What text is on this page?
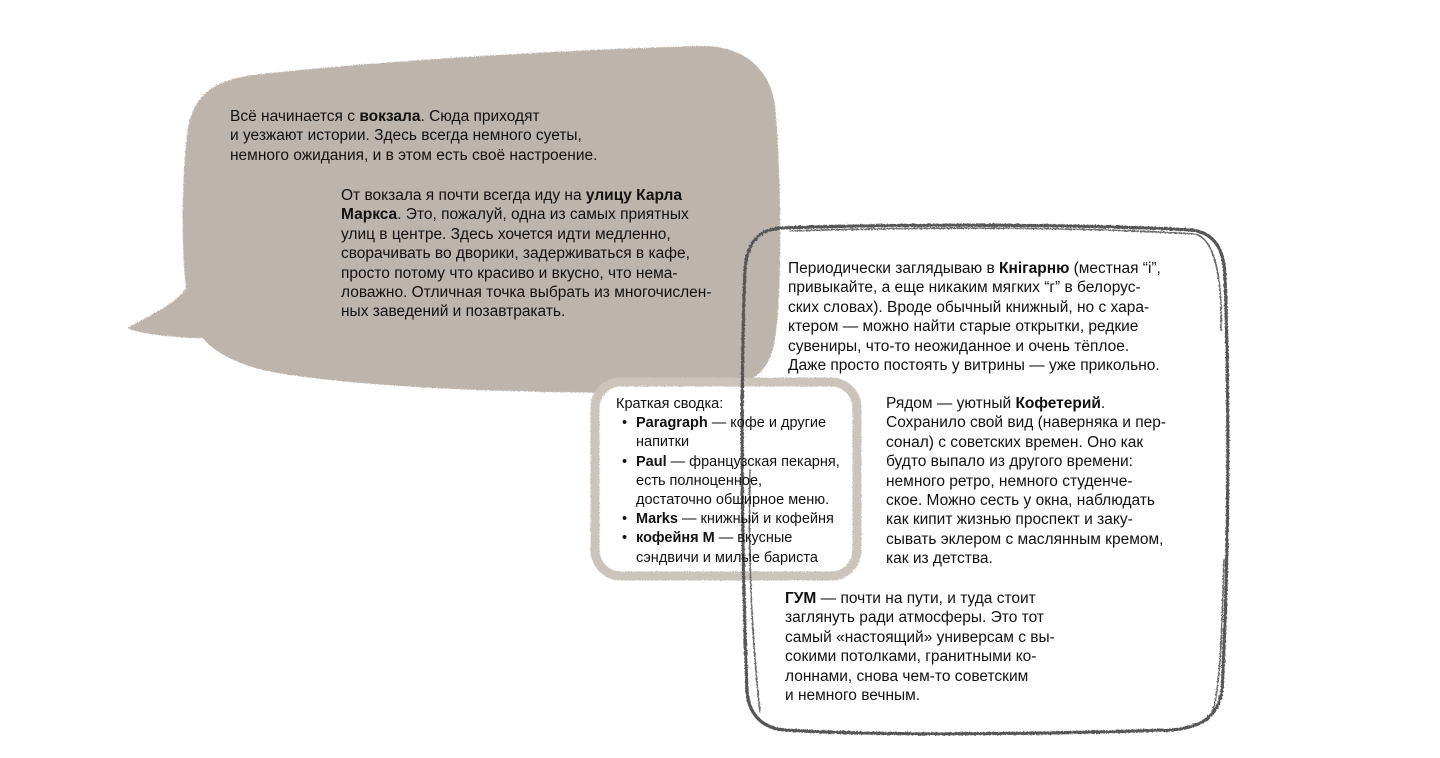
Всё начинается с вокзала. Сюда приходят
и уезжают истории. Здесь всегда немного суеты,
немного ожидания, и в этом есть своё настроение.
От вокзала я почти всегда иду на улицу Карла
Маркса. Это, пожалуй, одна из самых приятных
улиц в центре. Здесь хочется идти медленно,
сворачивать во дворики, задерживаться в кафе,
просто потому что красиво и вкусно, что нема-
ловажно. Отличная точка выбрать из многочислен-
ных заведений и позавтракать.
Периодически заглядываю в Кнiгарню (местная “i”,
привыкайте, а еще никаким мягких “г” в белорус-
ских словах). Вроде обычный книжный, но с хара-
ктером — можно найти старые открытки, редкие
сувениры, что-то неожиданное и очень тёплое.
Даже просто постоять у витрины — уже прикольно.
Рядом — уютный Кофетерий.
Сохранило свой вид (наверняка и пер-
сонал) с советских времен. Оно как
будто выпало из другого времени:
немного ретро, немного студенче-
ское. Можно сесть у окна, наблюдать
как кипит жизнью проспект и заку-
сывать эклером с маслянным кремом,
как из детства.
ГУМ — почти на пути, и туда стоит
заглянуть ради атмосферы. Это тот
самый «настоящий» универсам с вы-
сокими потолками, гранитными ко-
лоннами, снова чем-то советским
и немного вечным.
Краткая сводка:
• Paragraph — кофе и другие
напитки
• Paul — французская пекарня,
есть полноценное,
достаточно обширное меню.
• Marks — книжный и кофейня
• кофейня М — вкусные
сэндвичи и милые бариста
